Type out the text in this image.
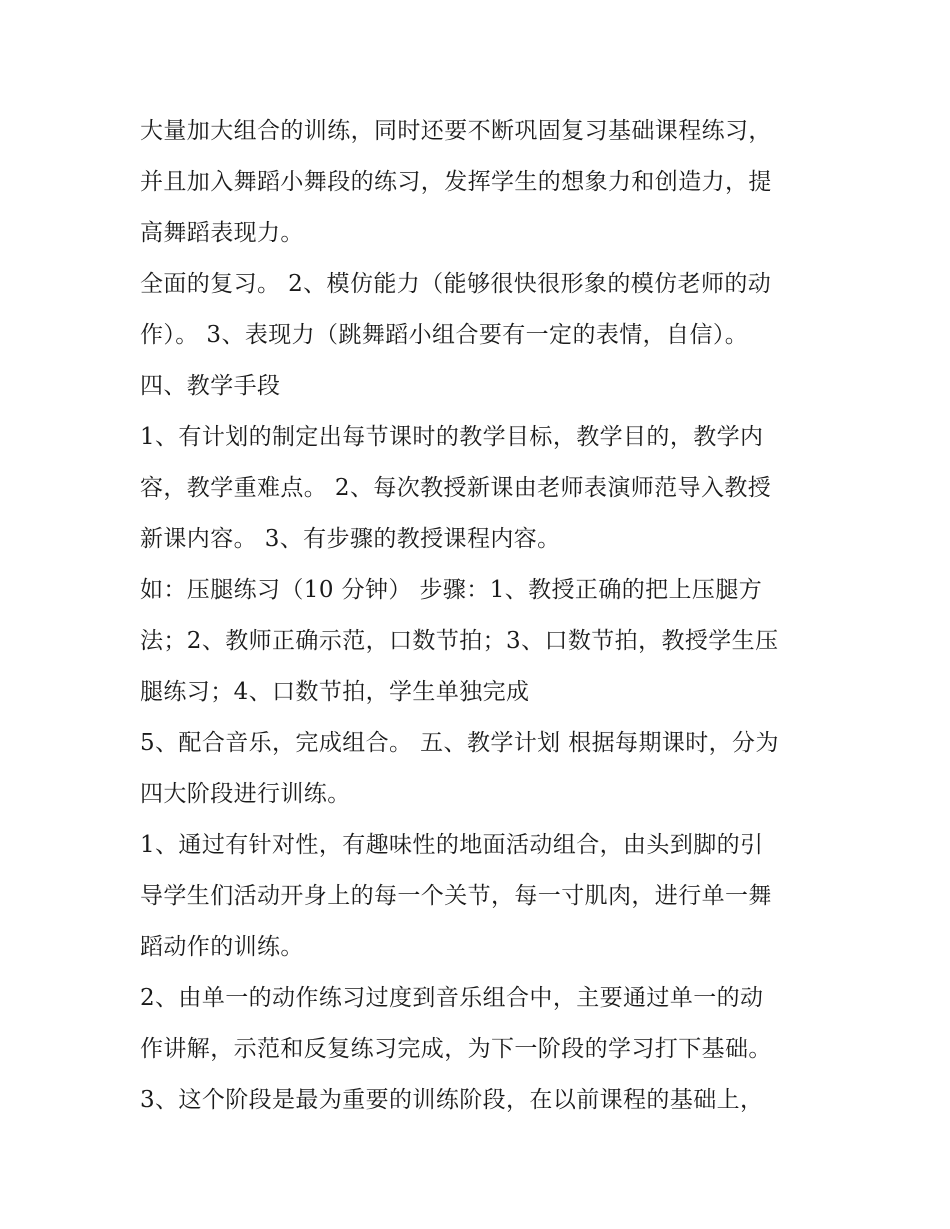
大量加大组合的训练，同时还要不断巩固复习基础课程练习，
并且加入舞蹈小舞段的练习，发挥学生的想象力和创造力，提
高舞蹈表现力。
全面的复习。 2、模仿能力（能够很快很形象的模仿老师的动
作）。 3、表现力（跳舞蹈小组合要有一定的表情，自信）。
四、教学手段
1、有计划的制定出每节课时的教学目标，教学目的，教学内
容，教学重难点。 2、每次教授新课由老师表演师范导入教授
新课内容。 3、有步骤的教授课程内容。
如：压腿练习（10 分钟） 步骤：1、教授正确的把上压腿方
法；2、教师正确示范，口数节拍；3、口数节拍，教授学生压
腿练习；4、口数节拍，学生单独完成
5、配合音乐，完成组合。 五、教学计划 根据每期课时，分为
四大阶段进行训练。
1、通过有针对性，有趣味性的地面活动组合，由头到脚的引
导学生们活动开身上的每一个关节，每一寸肌肉，进行单一舞
蹈动作的训练。
2、由单一的动作练习过度到音乐组合中，主要通过单一的动
作讲解，示范和反复练习完成，为下一阶段的学习打下基础。
3、这个阶段是最为重要的训练阶段，在以前课程的基础上，
